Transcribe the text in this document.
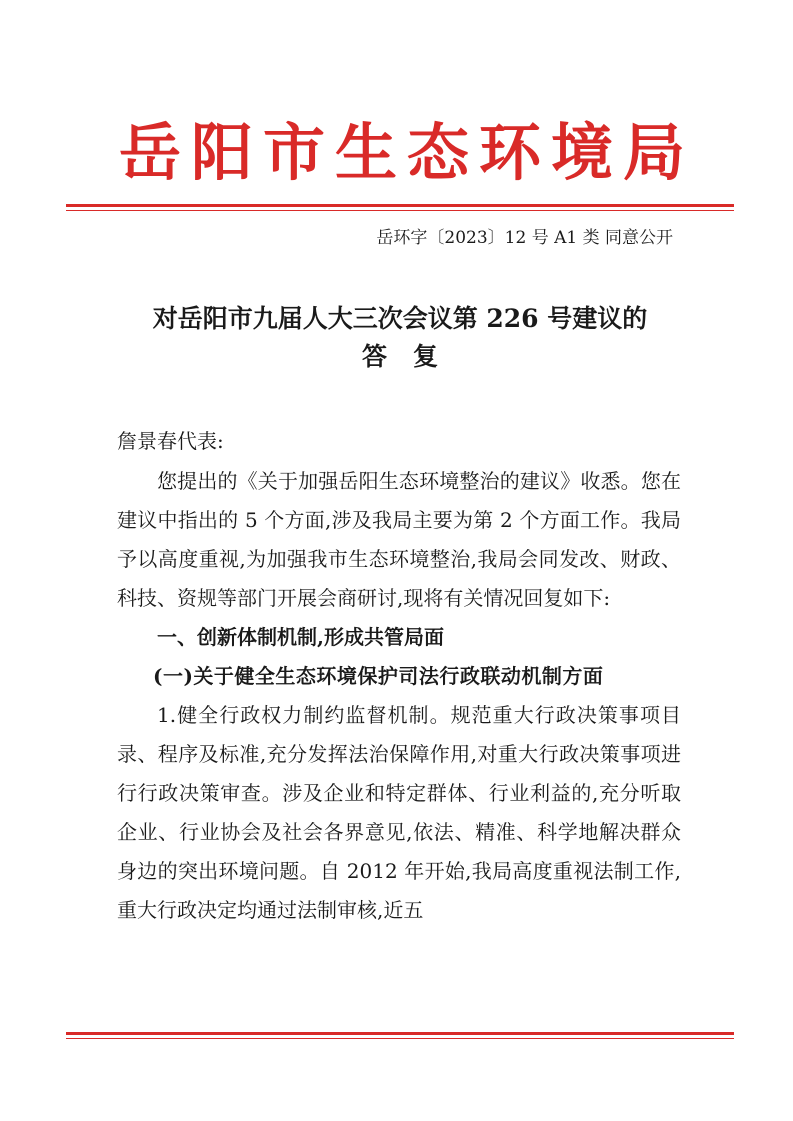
岳阳市生态环境局
岳环字〔2023〕12 号 A1 类 同意公开
对岳阳市九届人大三次会议第 226 号建议的
答复
詹景春代表:

您提出的《关于加强岳阳生态环境整治的建议》收悉。您在建议中指出的 5 个方面,涉及我局主要为第 2 个方面工作。我局予以高度重视,为加强我市生态环境整治,我局会同发改、财政、科技、资规等部门开展会商研讨,现将有关情况回复如下:

一、创新体制机制,形成共管局面

(一)关于健全生态环境保护司法行政联动机制方面

1.健全行政权力制约监督机制。规范重大行政决策事项目录、程序及标准,充分发挥法治保障作用,对重大行政决策事项进行行政决策审查。涉及企业和特定群体、行业利益的,充分听取企业、行业协会及社会各界意见,依法、精准、科学地解决群众身边的突出环境问题。自 2012 年开始,我局高度重视法制工作,重大行政决定均通过法制审核,近五
